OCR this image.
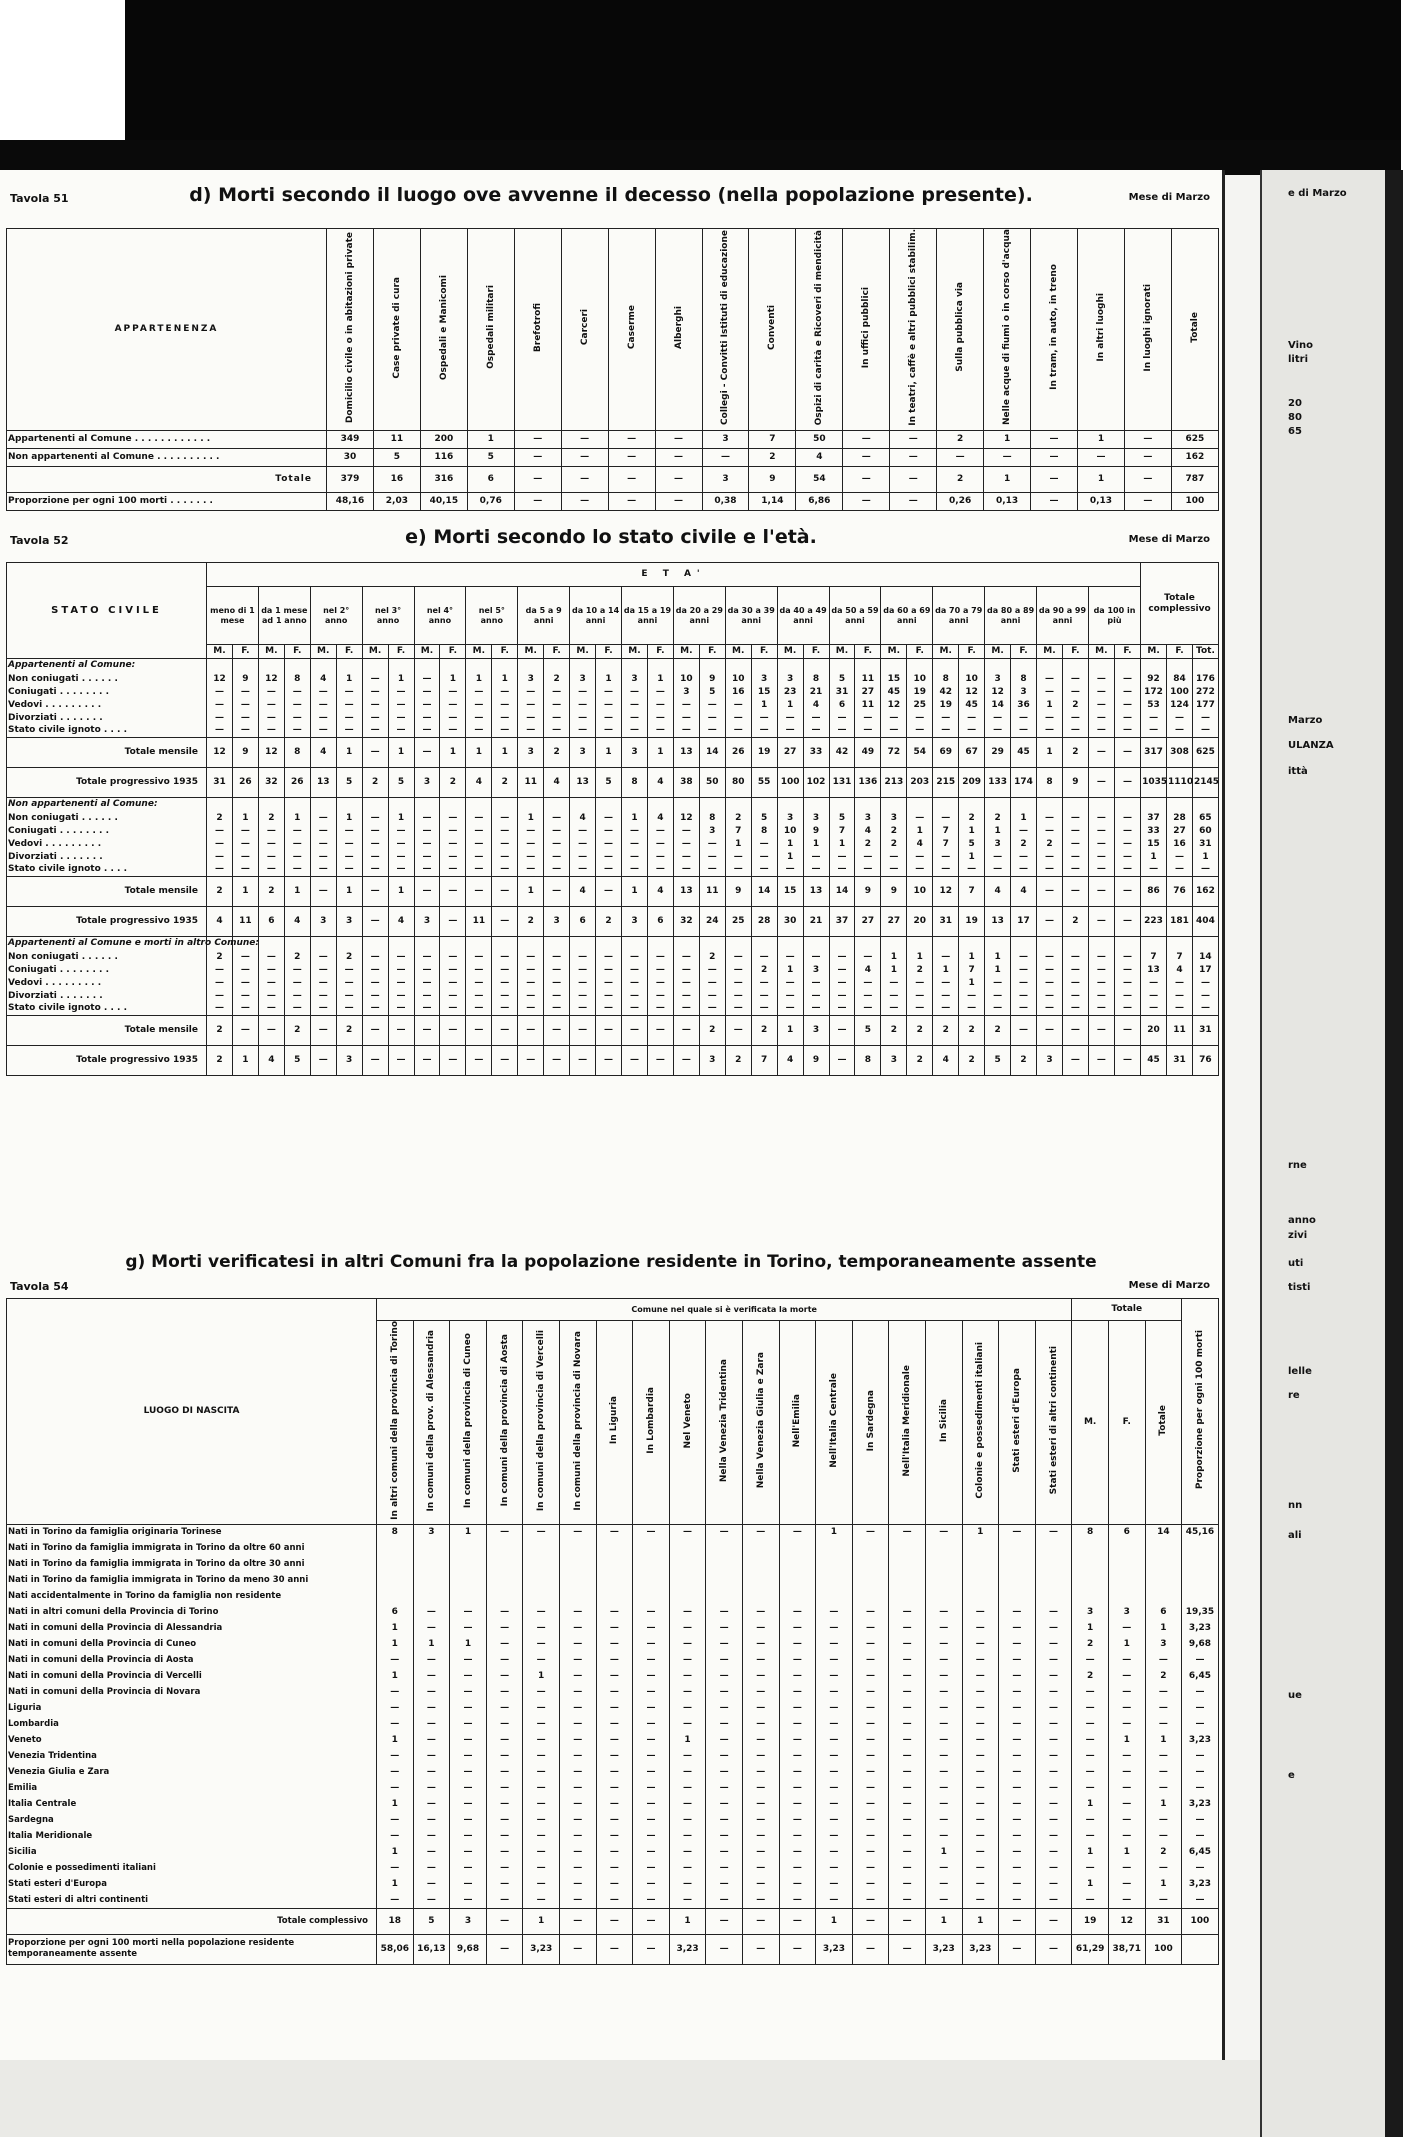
e di Marzo
Vino
litri
20
80
65
Marzo
ULANZA
ittà
rne
anno
zivi
uti
tisti
lelle
re
nn
ali
ue
e
Tavola 51	d) Morti secondo il luogo ove avvenne il decesso (nella popolazione presente).	Mese di Marzo
APPARTENENZA	Domicilio civile o in abitazioni private	Case private di cura	Ospedali e Manicomi	Ospedali militari	Brefotrofi	Carceri	Caserme	Alberghi	Collegi - Convitti Istituti di educazione	Conventi	Ospizi di carità e Ricoveri di mendicità	In uffici pubblici	In teatri, caffè e altri pubblici stabilim.	Sulla pubblica via	Nelle acque di fiumi o in corso d'acqua	In tram, in auto, in treno	In altri luoghi	In luoghi ignorati	Totale
Appartenenti al Comune . . . . . . . . . . . .	349	11	200	1	—	—	—	—	3	7	50	—	—	2	1	—	1	—	625
Non appartenenti al Comune . . . . . . . . . .	30	5	116	5	—	—	—	—	—	2	4	—	—	—	—	—	—	—	162
Totale	379	16	316	6	—	—	—	—	3	9	54	—	—	2	1	—	1	—	787
Proporzione per ogni 100 morti . . . . . . .	48,16	2,03	40,15	0,76	—	—	—	—	0,38	1,14	6,86	—	—	0,26	0,13	—	0,13	—	100
Tavola 52	e) Morti secondo lo stato civile e l'età.	Mese di Marzo
STATO CIVILE	E T A'																																				Totale complessivo		
	meno di 1 mese		da 1 mese ad 1 anno		nel 2° anno		nel 3° anno		nel 4° anno		nel 5° anno		da 5 a 9 anni		da 10 a 14 anni		da 15 a 19 anni		da 20 a 29 anni		da 30 a 39 anni		da 40 a 49 anni		da 50 a 59 anni		da 60 a 69 anni		da 70 a 79 anni		da 80 a 89 anni		da 90 a 99 anni		da 100 in più				
	M.	F.	M.	F.	M.	F.	M.	F.	M.	F.	M.	F.	M.	F.	M.	F.	M.	F.	M.	F.	M.	F.	M.	F.	M.	F.	M.	F.	M.	F.	M.	F.	M.	F.	M.	F.	M.	F.	Tot.
Appartenenti al Comune:																																							
Non coniugati . . . . . .	12	9	12	8	4	1	—	1	—	1	1	1	3	2	3	1	3	1	10	9	10	3	3	8	5	11	15	10	8	10	3	8	—	—	—	—	92	84	176
Coniugati . . . . . . . .	—	—	—	—	—	—	—	—	—	—	—	—	—	—	—	—	—	—	3	5	16	15	23	21	31	27	45	19	42	12	12	3	—	—	—	—	172	100	272
Vedovi . . . . . . . . .	—	—	—	—	—	—	—	—	—	—	—	—	—	—	—	—	—	—	—	—	—	1	1	4	6	11	12	25	19	45	14	36	1	2	—	—	53	124	177
Divorziati . . . . . . .	—	—	—	—	—	—	—	—	—	—	—	—	—	—	—	—	—	—	—	—	—	—	—	—	—	—	—	—	—	—	—	—	—	—	—	—	—	—	—
Stato civile ignoto . . . .	—	—	—	—	—	—	—	—	—	—	—	—	—	—	—	—	—	—	—	—	—	—	—	—	—	—	—	—	—	—	—	—	—	—	—	—	—	—	—
Totale mensile	12	9	12	8	4	1	—	1	—	1	1	1	3	2	3	1	3	1	13	14	26	19	27	33	42	49	72	54	69	67	29	45	1	2	—	—	317	308	625
Totale progressivo 1935	31	26	32	26	13	5	2	5	3	2	4	2	11	4	13	5	8	4	38	50	80	55	100	102	131	136	213	203	215	209	133	174	8	9	—	—	1035	1110	2145
Non appartenenti al Comune:																																							
Non coniugati . . . . . .	2	1	2	1	—	1	—	1	—	—	—	—	1	—	4	—	1	4	12	8	2	5	3	3	5	3	3	—	—	2	2	1	—	—	—	—	37	28	65
Coniugati . . . . . . . .	—	—	—	—	—	—	—	—	—	—	—	—	—	—	—	—	—	—	—	3	7	8	10	9	7	4	2	1	7	1	1	—	—	—	—	—	33	27	60
Vedovi . . . . . . . . .	—	—	—	—	—	—	—	—	—	—	—	—	—	—	—	—	—	—	—	—	1	—	1	1	1	2	2	4	7	5	3	2	2	—	—	—	15	16	31
Divorziati . . . . . . .	—	—	—	—	—	—	—	—	—	—	—	—	—	—	—	—	—	—	—	—	—	—	1	—	—	—	—	—	—	1	—	—	—	—	—	—	1	—	1
Stato civile ignoto . . . .	—	—	—	—	—	—	—	—	—	—	—	—	—	—	—	—	—	—	—	—	—	—	—	—	—	—	—	—	—	—	—	—	—	—	—	—	—	—	—
Totale mensile	2	1	2	1	—	1	—	1	—	—	—	—	1	—	4	—	1	4	13	11	9	14	15	13	14	9	9	10	12	7	4	4	—	—	—	—	86	76	162
Totale progressivo 1935	4	11	6	4	3	3	—	4	3	—	11	—	2	3	6	2	3	6	32	24	25	28	30	21	37	27	27	20	31	19	13	17	—	2	—	—	223	181	404
Appartenenti al Comune e morti in altro Comune:																																							
Non coniugati . . . . . .	2	—	—	2	—	2	—	—	—	—	—	—	—	—	—	—	—	—	—	2	—	—	—	—	—	—	1	1	—	1	1	—	—	—	—	—	7	7	14
Coniugati . . . . . . . .	—	—	—	—	—	—	—	—	—	—	—	—	—	—	—	—	—	—	—	—	—	2	1	3	—	4	1	2	1	7	1	—	—	—	—	—	13	4	17
Vedovi . . . . . . . . .	—	—	—	—	—	—	—	—	—	—	—	—	—	—	—	—	—	—	—	—	—	—	—	—	—	—	—	—	—	1	—	—	—	—	—	—	—	—	—
Divorziati . . . . . . .	—	—	—	—	—	—	—	—	—	—	—	—	—	—	—	—	—	—	—	—	—	—	—	—	—	—	—	—	—	—	—	—	—	—	—	—	—	—	—
Stato civile ignoto . . . .	—	—	—	—	—	—	—	—	—	—	—	—	—	—	—	—	—	—	—	—	—	—	—	—	—	—	—	—	—	—	—	—	—	—	—	—	—	—	—
Totale mensile	2	—	—	2	—	2	—	—	—	—	—	—	—	—	—	—	—	—	—	2	—	2	1	3	—	5	2	2	2	2	2	—	—	—	—	—	20	11	31
Totale progressivo 1935	2	1	4	5	—	3	—	—	—	—	—	—	—	—	—	—	—	—	—	3	2	7	4	9	—	8	3	2	4	2	5	2	3	—	—	—	45	31	76
Tavola 54
g) Morti verificatesi in altri Comuni fra la popolazione residente in Torino, temporaneamente assente
Mese di Marzo
LUOGO DI NASCITA	Comune nel quale si è verificata la morte																			Totale			Proporzione per ogni 100 morti
	In altri comuni della provincia di Torino	In comuni della prov. di Alessandria	In comuni della provincia di Cuneo	In comuni della provincia di Aosta	In comuni della provincia di Vercelli	In comuni della provincia di Novara	In Liguria	In Lombardia	Nel Veneto	Nella Venezia Tridentina	Nella Venezia Giulia e Zara	Nell'Emilia	Nell'Italia Centrale	In Sardegna	Nell'Italia Meridionale	In Sicilia	Colonie e possedimenti italiani	Stati esteri d'Europa	Stati esteri di altri continenti	M.	F.	Totale	
Nati in Torino da famiglia originaria Torinese	8	3	1	—	—	—	—	—	—	—	—	—	1	—	—	—	1	—	—	8	6	14	45,16
Nati in Torino da famiglia immigrata in Torino da oltre 60 anni																							
Nati in Torino da famiglia immigrata in Torino da oltre 30 anni																							
Nati in Torino da famiglia immigrata in Torino da meno 30 anni																							
Nati accidentalmente in Torino da famiglia non residente																							
Nati in altri comuni della Provincia di Torino	6	—	—	—	—	—	—	—	—	—	—	—	—	—	—	—	—	—	—	3	3	6	19,35
Nati in comuni della Provincia di Alessandria	1	—	—	—	—	—	—	—	—	—	—	—	—	—	—	—	—	—	—	1	—	1	3,23
Nati in comuni della Provincia di Cuneo	1	1	1	—	—	—	—	—	—	—	—	—	—	—	—	—	—	—	—	2	1	3	9,68
Nati in comuni della Provincia di Aosta	—	—	—	—	—	—	—	—	—	—	—	—	—	—	—	—	—	—	—	—	—	—	—
Nati in comuni della Provincia di Vercelli	1	—	—	—	1	—	—	—	—	—	—	—	—	—	—	—	—	—	—	2	—	2	6,45
Nati in comuni della Provincia di Novara	—	—	—	—	—	—	—	—	—	—	—	—	—	—	—	—	—	—	—	—	—	—	—
Liguria	—	—	—	—	—	—	—	—	—	—	—	—	—	—	—	—	—	—	—	—	—	—	—
Lombardia	—	—	—	—	—	—	—	—	—	—	—	—	—	—	—	—	—	—	—	—	—	—	—
Veneto	1	—	—	—	—	—	—	—	1	—	—	—	—	—	—	—	—	—	—	—	1	1	3,23
Venezia Tridentina	—	—	—	—	—	—	—	—	—	—	—	—	—	—	—	—	—	—	—	—	—	—	—
Venezia Giulia e Zara	—	—	—	—	—	—	—	—	—	—	—	—	—	—	—	—	—	—	—	—	—	—	—
Emilia	—	—	—	—	—	—	—	—	—	—	—	—	—	—	—	—	—	—	—	—	—	—	—
Italia Centrale	1	—	—	—	—	—	—	—	—	—	—	—	—	—	—	—	—	—	—	1	—	1	3,23
Sardegna	—	—	—	—	—	—	—	—	—	—	—	—	—	—	—	—	—	—	—	—	—	—	—
Italia Meridionale	—	—	—	—	—	—	—	—	—	—	—	—	—	—	—	—	—	—	—	—	—	—	—
Sicilia	1	—	—	—	—	—	—	—	—	—	—	—	—	—	—	1	—	—	—	1	1	2	6,45
Colonie e possedimenti italiani	—	—	—	—	—	—	—	—	—	—	—	—	—	—	—	—	—	—	—	—	—	—	—
Stati esteri d'Europa	1	—	—	—	—	—	—	—	—	—	—	—	—	—	—	—	—	—	—	1	—	1	3,23
Stati esteri di altri continenti	—	—	—	—	—	—	—	—	—	—	—	—	—	—	—	—	—	—	—	—	—	—	—
Totale complessivo	18	5	3	—	1	—	—	—	1	—	—	—	1	—	—	1	1	—	—	19	12	31	100
Proporzione per ogni 100 morti nella popolazione residente temporaneamente assente	58,06	16,13	9,68	—	3,23	—	—	—	3,23	—	—	—	3,23	—	—	3,23	3,23	—	—	61,29	38,71	100	
